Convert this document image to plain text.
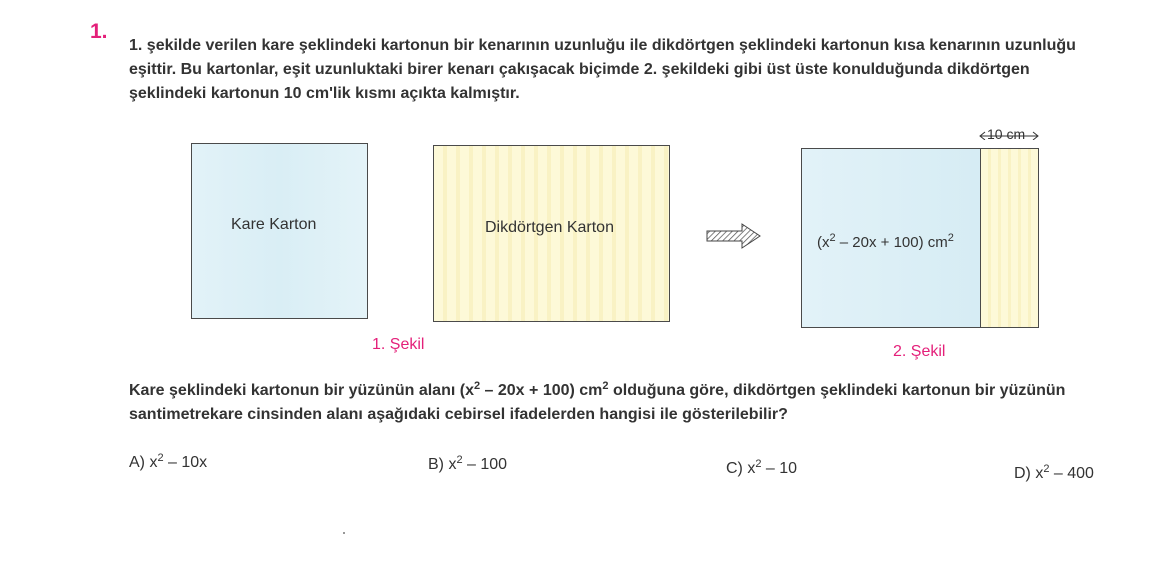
1.
1. şekilde verilen kare şeklindeki kartonun bir kenarının uzunluğu ile dikdörtgen şeklindeki kartonun kısa kenarının uzunluğu eşittir. Bu kartonlar, eşit uzunluktaki birer kenarı çakışacak biçimde 2. şekildeki gibi üst üste konulduğunda dikdörtgen şeklindeki kartonun 10 cm'lik kısmı açıkta kalmıştır.
Kare Karton	Dikdörtgen Karton
1. Şekil
$(x^2 - 20x + 100)$ $cm^2$
10 cm
2. Şekil
Kare şeklindeki kartonun bir yüzünün alanı $(x^2 - 20x + 100)$ $cm^2$ olduğuna göre, dikdörtgen şeklindeki kartonun bir yüzünün santimetrekare cinsinden alanı aşağıdaki cebirsel ifadelerden hangisi ile gösterilebilir?
A) $x^2 - 10x$	B) $x^2 - 100$	C) $x^2 - 10$	D) $x^2 - 400$
